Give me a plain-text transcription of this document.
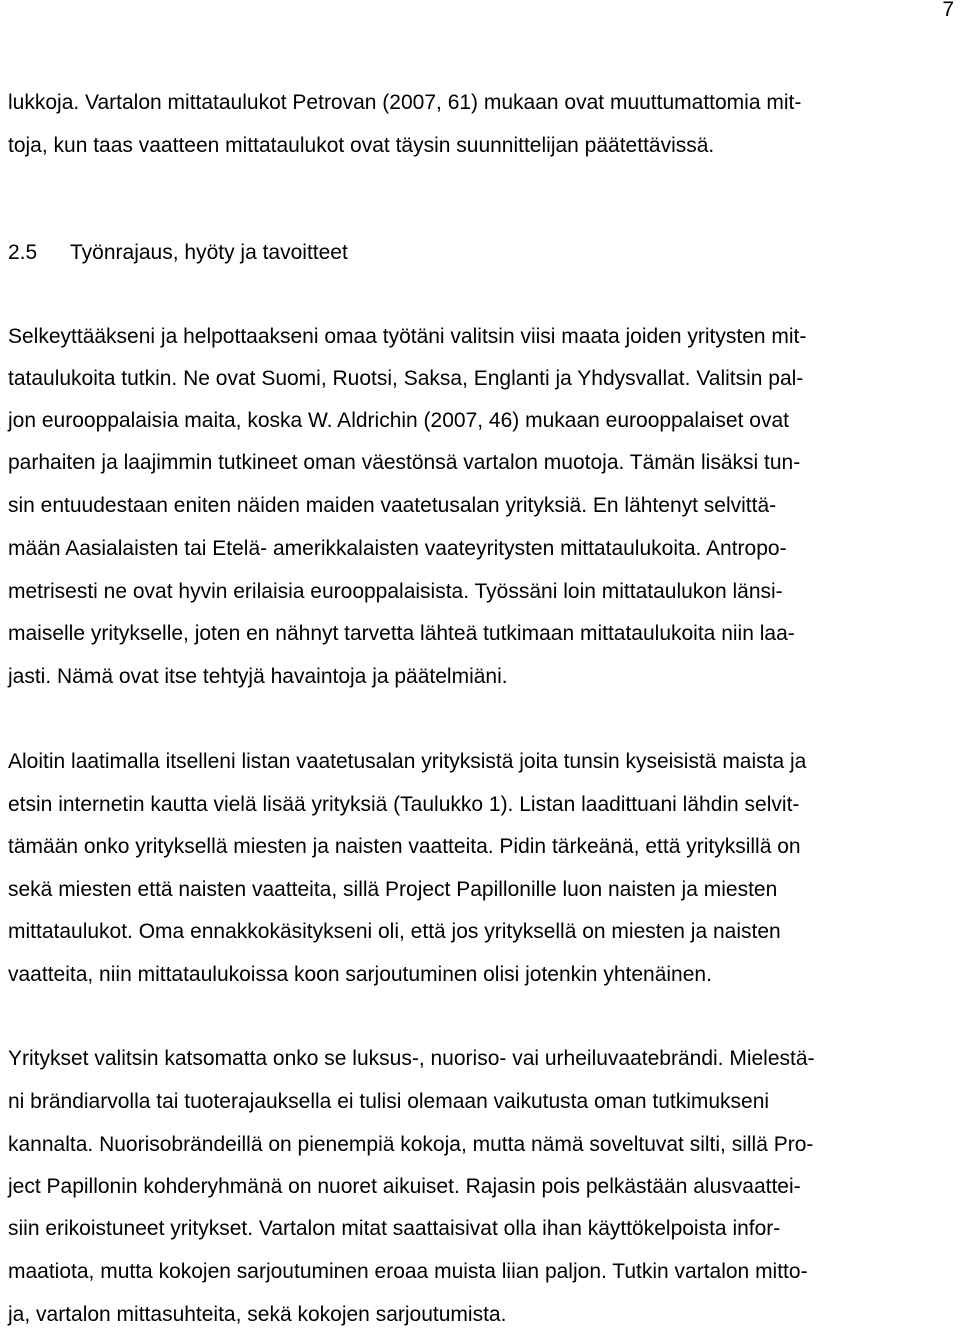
7
lukkoja. Vartalon mittataulukot Petrovan (2007, 61) mukaan ovat muuttumattomia mit-
toja, kun taas vaatteen mittataulukot ovat täysin suunnittelijan päätettävissä.
2.5 Työnrajaus, hyöty ja tavoitteet
Selkeyttääkseni ja helpottaakseni omaa työtäni valitsin viisi maata joiden yritysten mit-
tataulukoita tutkin. Ne ovat Suomi, Ruotsi, Saksa, Englanti ja Yhdysvallat. Valitsin pal-
jon eurooppalaisia maita, koska W. Aldrichin (2007, 46) mukaan eurooppalaiset ovat
parhaiten ja laajimmin tutkineet oman väestönsä vartalon muotoja. Tämän lisäksi tun-
sin entuudestaan eniten näiden maiden vaatetusalan yrityksiä. En lähtenyt selvittä-
mään Aasialaisten tai Etelä- amerikkalaisten vaateyritysten mittataulukoita. Antropo-
metrisesti ne ovat hyvin erilaisia eurooppalaisista. Työssäni loin mittataulukon länsi-
maiselle yritykselle, joten en nähnyt tarvetta lähteä tutkimaan mittataulukoita niin laa-
jasti. Nämä ovat itse tehtyjä havaintoja ja päätelmiäni.
Aloitin laatimalla itselleni listan vaatetusalan yrityksistä joita tunsin kyseisistä maista ja
etsin internetin kautta vielä lisää yrityksiä (Taulukko 1). Listan laadittuani lähdin selvit-
tämään onko yrityksellä miesten ja naisten vaatteita. Pidin tärkeänä, että yrityksillä on
sekä miesten että naisten vaatteita, sillä Project Papillonille luon naisten ja miesten
mittataulukot. Oma ennakkokäsitykseni oli, että jos yrityksellä on miesten ja naisten
vaatteita, niin mittataulukoissa koon sarjoutuminen olisi jotenkin yhtenäinen.
Yritykset valitsin katsomatta onko se luksus-, nuoriso- vai urheiluvaatebrändi. Mielestä-
ni brändiarvolla tai tuoterajauksella ei tulisi olemaan vaikutusta oman tutkimukseni
kannalta. Nuorisobrändeillä on pienempiä kokoja, mutta nämä soveltuvat silti, sillä Pro-
ject Papillonin kohderyhmänä on nuoret aikuiset. Rajasin pois pelkästään alusvaattei-
siin erikoistuneet yritykset. Vartalon mitat saattaisivat olla ihan käyttökelpoista infor-
maatiota, mutta kokojen sarjoutuminen eroaa muista liian paljon. Tutkin vartalon mitto-
ja, vartalon mittasuhteita, sekä kokojen sarjoutumista.
